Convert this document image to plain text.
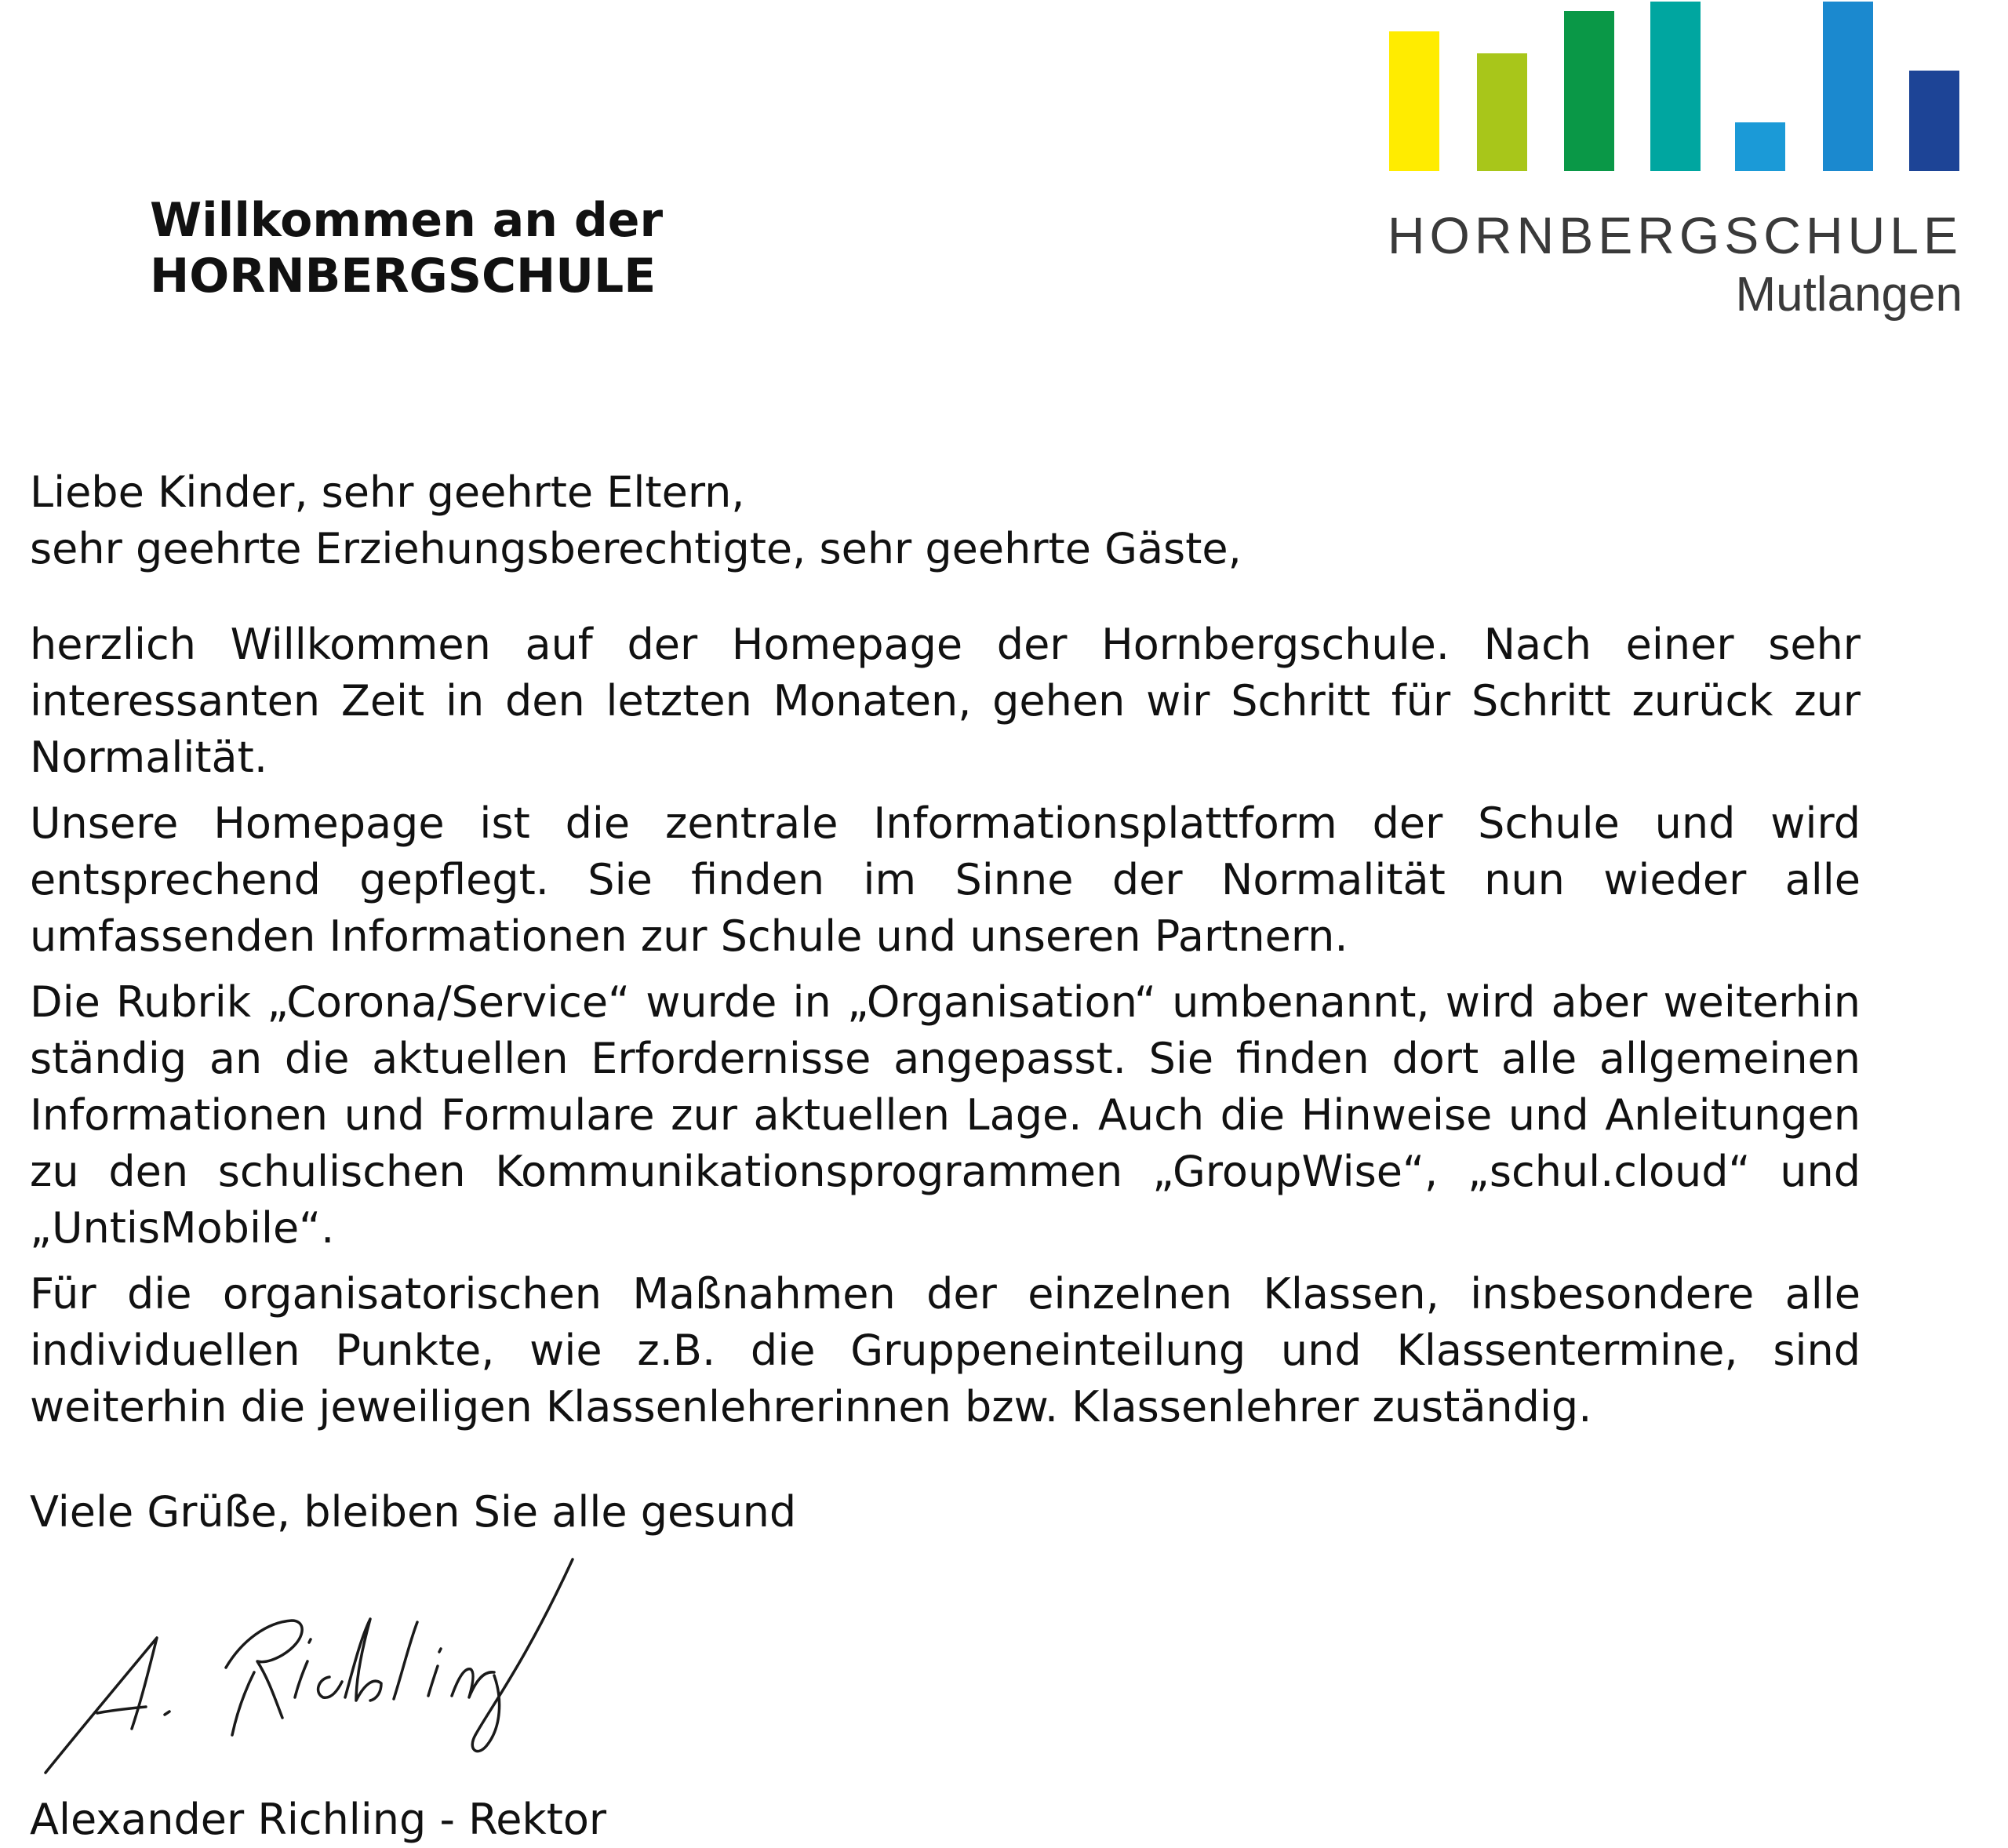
Willkommen an der
HORNBERGSCHULE
HORNBERGSCHULE
Mutlangen

Liebe Kinder, sehr geehrte Eltern,

sehr geehrte Erziehungsberechtigte, sehr geehrte Gäste,

herzlich Willkommen auf der Homepage der Hornbergschule. Nach einer sehr interessanten Zeit in den letzten Monaten, gehen wir Schritt für Schritt zurück zur Normalität.

Unsere Homepage ist die zentrale Informationsplattform der Schule und wird entsprechend gepflegt. Sie finden im Sinne der Normalität nun wieder alle umfassenden Informationen zur Schule und unseren Partnern.

Die Rubrik „Corona/Service“ wurde in „Organisation“ umbenannt, wird aber weiterhin ständig an die aktuellen Erfordernisse angepasst. Sie finden dort alle allgemeinen Informationen und Formulare zur aktuellen Lage. Auch die Hinweise und Anleitungen zu den schulischen Kommunikationsprogrammen „GroupWise“, „schul.cloud“ und „UntisMobile“.

Für die organisatorischen Maßnahmen der einzelnen Klassen, insbesondere alle individuellen Punkte, wie z.B. die Gruppeneinteilung und Klassentermine, sind weiterhin die jeweiligen Klassenlehrerinnen bzw. Klassenlehrer zuständig.

Viele Grüße, bleiben Sie alle gesund

Alexander Richling - Rektor
